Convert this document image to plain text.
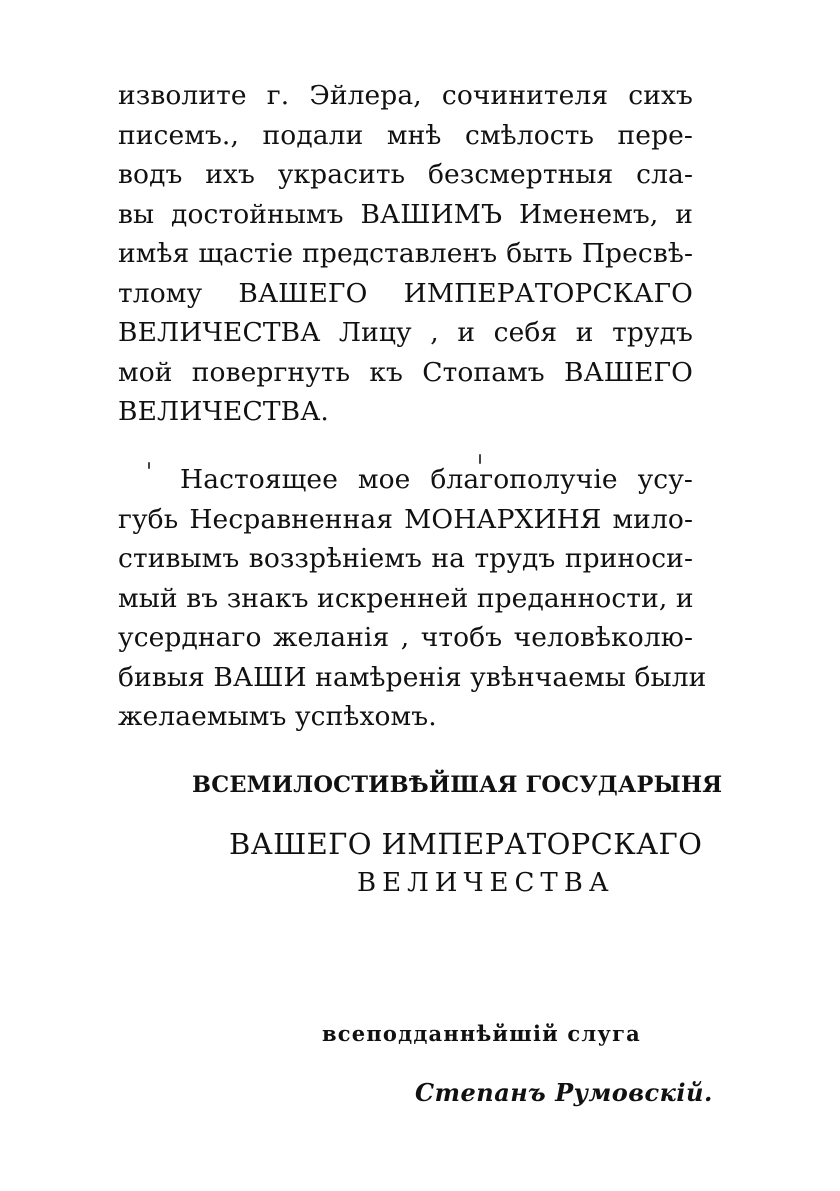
изволите г. Эйлера, сочинителя сихъ
писемъ., подали мнѣ смѣлость пере-
водъ ихъ украсить безсмертныя сла-
вы достойнымъ ВАШИМЪ Именемъ, и
имѣя щастіе представленъ быть Пресвѣ-
тлому ВАШЕГО ИМПЕРАТОРСКАГО
ВЕЛИЧЕСТВА Лицу , и себя и трудъ
мой повергнуть къ Стопамъ ВАШЕГО
ВЕЛИЧЕСТВА.
Настоящее мое благополучіе усу-
губь Несравненная МОНАРХИНЯ мило-
стивымъ воззрѣніемъ на трудъ приноси-
мый въ знакъ искренней преданности, и
усерднаго желанія , чтобъ человѣколю-
бивыя ВАШИ намѣренія увѣнчаемы были
желаемымъ успѣхомъ.
ВСЕМИЛОСТИВѢЙШАЯ ГОСУДАРЫНЯ
ВАШЕГО ИМПЕРАТОРСКАГО
ВЕЛИЧЕСТВА
всеподданнѣйшій слуга
Степанъ Румовскій.
